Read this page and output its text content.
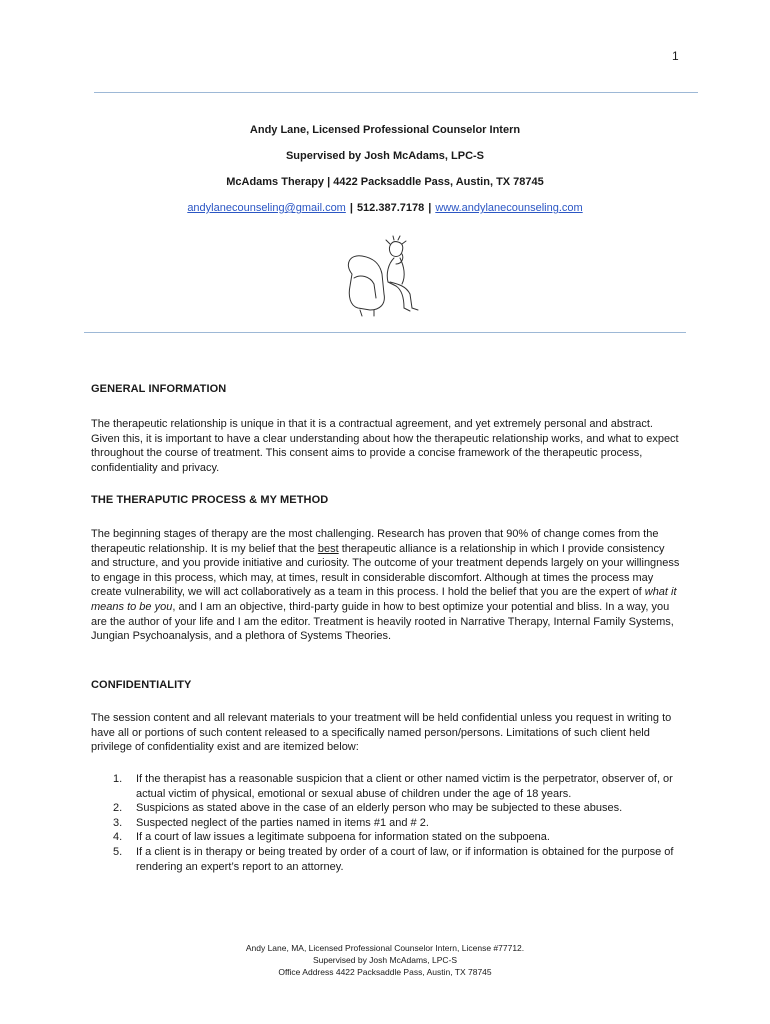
1
Andy Lane, Licensed Professional Counselor Intern
Supervised by Josh McAdams, LPC-S
McAdams Therapy | 4422 Packsaddle Pass, Austin, TX 78745
andylanecounseling@gmail.com | 512.387.7178 | www.andylanecounseling.com
GENERAL INFORMATION
The therapeutic relationship is unique in that it is a contractual agreement, and yet extremely personal and abstract. Given this, it is important to have a clear understanding about how the therapeutic relationship works, and what to expect throughout the course of treatment. This consent aims to provide a concise framework of the therapeutic process, confidentiality and privacy.
THE THERAPUTIC PROCESS & MY METHOD
The beginning stages of therapy are the most challenging. Research has proven that 90% of change comes from the therapeutic relationship. It is my belief that the best therapeutic alliance is a relationship in which I provide consistency and structure, and you provide initiative and curiosity. The outcome of your treatment depends largely on your willingness to engage in this process, which may, at times, result in considerable discomfort. Although at times the process may create vulnerability, we will act collaboratively as a team in this process. I hold the belief that you are the expert of what it means to be you, and I am an objective, third-party guide in how to best optimize your potential and bliss. In a way, you are the author of your life and I am the editor. Treatment is heavily rooted in Narrative Therapy, Internal Family Systems, Jungian Psychoanalysis, and a plethora of Systems Theories.
CONFIDENTIALITY
The session content and all relevant materials to your treatment will be held confidential unless you request in writing to have all or portions of such content released to a specifically named person/persons. Limitations of such client held privilege of confidentiality exist and are itemized below:
1. If the therapist has a reasonable suspicion that a client or other named victim is the perpetrator, observer of, or actual victim of physical, emotional or sexual abuse of children under the age of 18 years.
2. Suspicions as stated above in the case of an elderly person who may be subjected to these abuses.
3. Suspected neglect of the parties named in items #1 and # 2.
4. If a court of law issues a legitimate subpoena for information stated on the subpoena.
5. If a client is in therapy or being treated by order of a court of law, or if information is obtained for the purpose of rendering an expert’s report to an attorney.
Andy Lane, MA, Licensed Professional Counselor Intern, License #77712.
Supervised by Josh McAdams, LPC-S
Office Address 4422 Packsaddle Pass, Austin, TX 78745
